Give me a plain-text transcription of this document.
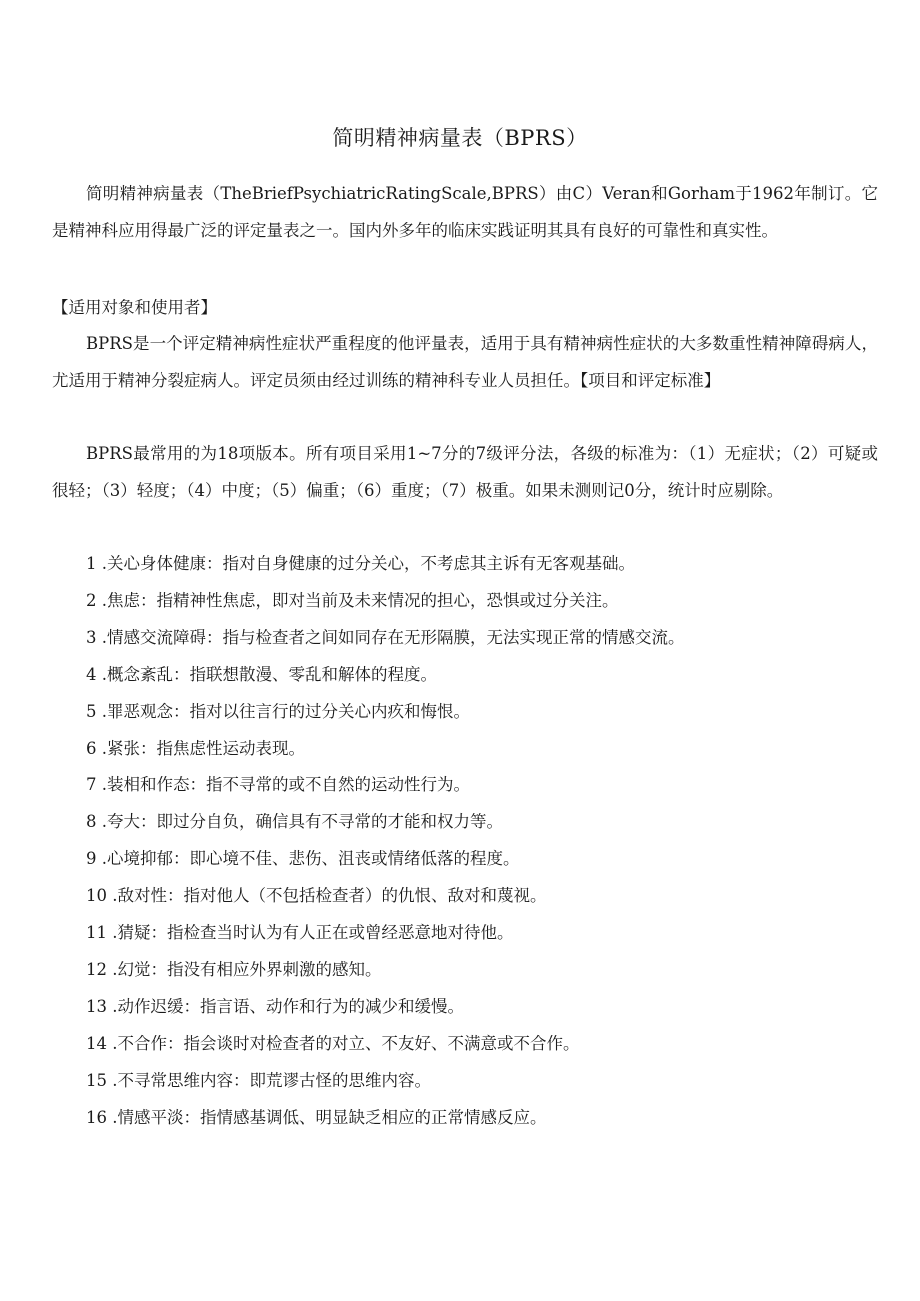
简明精神病量表（BPRS）
简明精神病量表（TheBriefPsychiatricRatingScale,BPRS）由C）Veran和Gorham于1962年制订。它是精神科应用得最广泛的评定量表之一。国内外多年的临床实践证明其具有良好的可靠性和真实性。
【适用对象和使用者】
BPRS是一个评定精神病性症状严重程度的他评量表，适用于具有精神病性症状的大多数重性精神障碍病人，尤适用于精神分裂症病人。评定员须由经过训练的精神科专业人员担任。【项目和评定标准】
BPRS最常用的为18项版本。所有项目采用1~7分的7级评分法，各级的标准为：（1）无症状；（2）可疑或很轻；（3）轻度；（4）中度；（5）偏重；（6）重度；（7）极重。如果未测则记0分，统计时应剔除。
1 .关心身体健康：指对自身健康的过分关心，不考虑其主诉有无客观基础。
2 .焦虑：指精神性焦虑，即对当前及未来情况的担心，恐惧或过分关注。
3 .情感交流障碍：指与检查者之间如同存在无形隔膜，无法实现正常的情感交流。
4 .概念紊乱：指联想散漫、零乱和解体的程度。
5 .罪恶观念：指对以往言行的过分关心内疚和悔恨。
6 .紧张：指焦虑性运动表现。
7 .装相和作态：指不寻常的或不自然的运动性行为。
8 .夸大：即过分自负，确信具有不寻常的才能和权力等。
9 .心境抑郁：即心境不佳、悲伤、沮丧或情绪低落的程度。
10 .敌对性：指对他人（不包括检查者）的仇恨、敌对和蔑视。
11 .猜疑：指检查当时认为有人正在或曾经恶意地对待他。
12 .幻觉：指没有相应外界刺激的感知。
13 .动作迟缓：指言语、动作和行为的减少和缓慢。
14 .不合作：指会谈时对检查者的对立、不友好、不满意或不合作。
15 .不寻常思维内容：即荒谬古怪的思维内容。
16 .情感平淡：指情感基调低、明显缺乏相应的正常情感反应。
